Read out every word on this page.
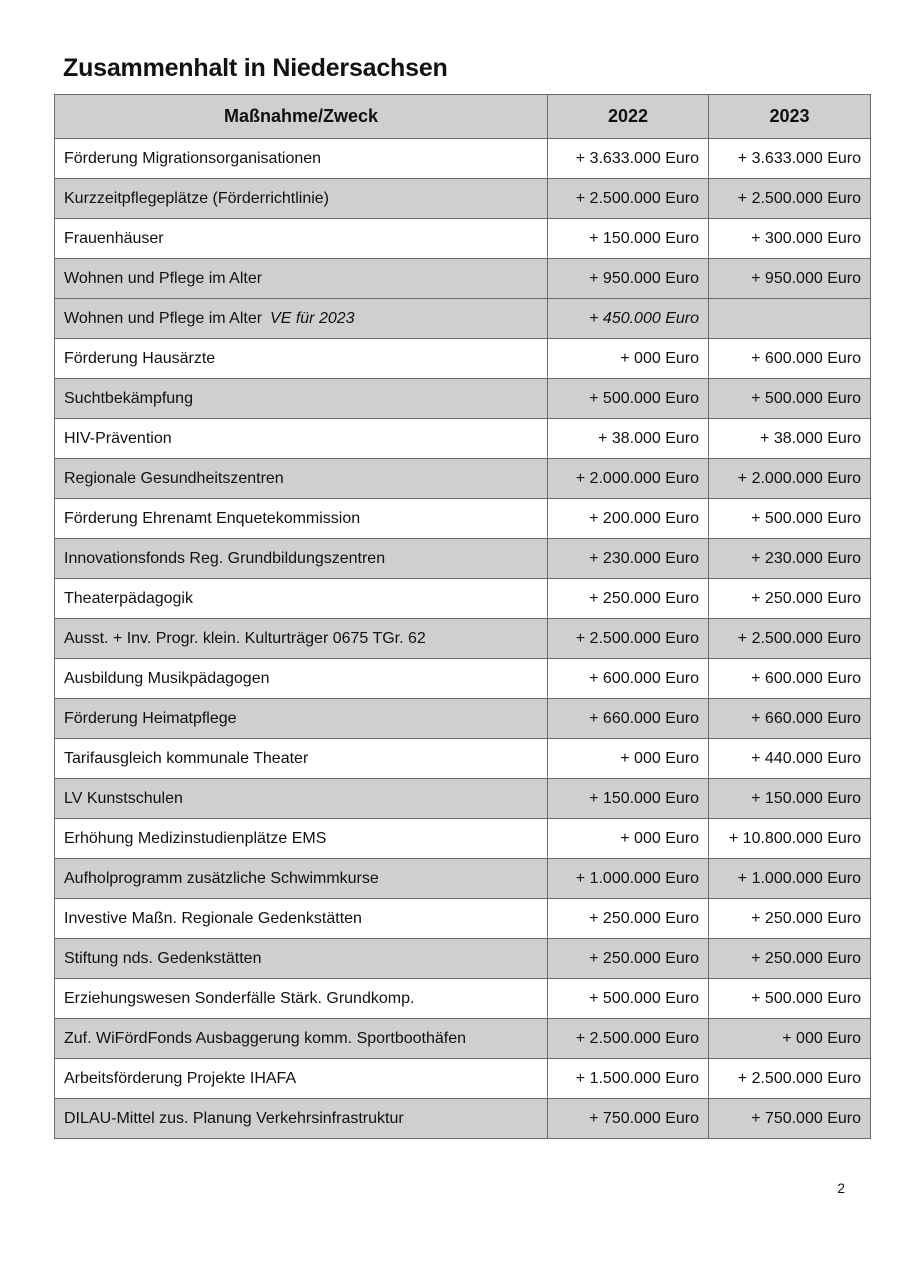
Zusammenhalt in Niedersachsen
Maßnahme/Zweck	2022	2023
Förderung Migrationsorganisationen	+ 3.633.000 Euro	+ 3.633.000 Euro
Kurzzeitpflegeplätze (Förderrichtlinie)	+ 2.500.000 Euro	+ 2.500.000 Euro
Frauenhäuser	+ 150.000 Euro	+ 300.000 Euro
Wohnen und Pflege im Alter	+ 950.000 Euro	+ 950.000 Euro
Wohnen und Pflege im Alter VE für 2023	+ 450.000 Euro	
Förderung Hausärzte	+ 000 Euro	+ 600.000 Euro
Suchtbekämpfung	+ 500.000 Euro	+ 500.000 Euro
HIV-Prävention	+ 38.000 Euro	+ 38.000 Euro
Regionale Gesundheitszentren	+ 2.000.000 Euro	+ 2.000.000 Euro
Förderung Ehrenamt Enquetekommission	+ 200.000 Euro	+ 500.000 Euro
Innovationsfonds Reg. Grundbildungszentren	+ 230.000 Euro	+ 230.000 Euro
Theaterpädagogik	+ 250.000 Euro	+ 250.000 Euro
Ausst. + Inv. Progr. klein. Kulturträger 0675 TGr. 62	+ 2.500.000 Euro	+ 2.500.000 Euro
Ausbildung Musikpädagogen	+ 600.000 Euro	+ 600.000 Euro
Förderung Heimatpflege	+ 660.000 Euro	+ 660.000 Euro
Tarifausgleich kommunale Theater	+ 000 Euro	+ 440.000 Euro
LV Kunstschulen	+ 150.000 Euro	+ 150.000 Euro
Erhöhung Medizinstudienplätze EMS	+ 000 Euro	+ 10.800.000 Euro
Aufholprogramm zusätzliche Schwimmkurse	+ 1.000.000 Euro	+ 1.000.000 Euro
Investive Maßn. Regionale Gedenkstätten	+ 250.000 Euro	+ 250.000 Euro
Stiftung nds. Gedenkstätten	+ 250.000 Euro	+ 250.000 Euro
Erziehungswesen Sonderfälle Stärk. Grundkomp.	+ 500.000 Euro	+ 500.000 Euro
Zuf. WiFördFonds Ausbaggerung komm. Sportboothäfen	+ 2.500.000 Euro	+ 000 Euro
Arbeitsförderung Projekte IHAFA	+ 1.500.000 Euro	+ 2.500.000 Euro
DILAU-Mittel zus. Planung Verkehrsinfrastruktur	+ 750.000 Euro	+ 750.000 Euro
2
